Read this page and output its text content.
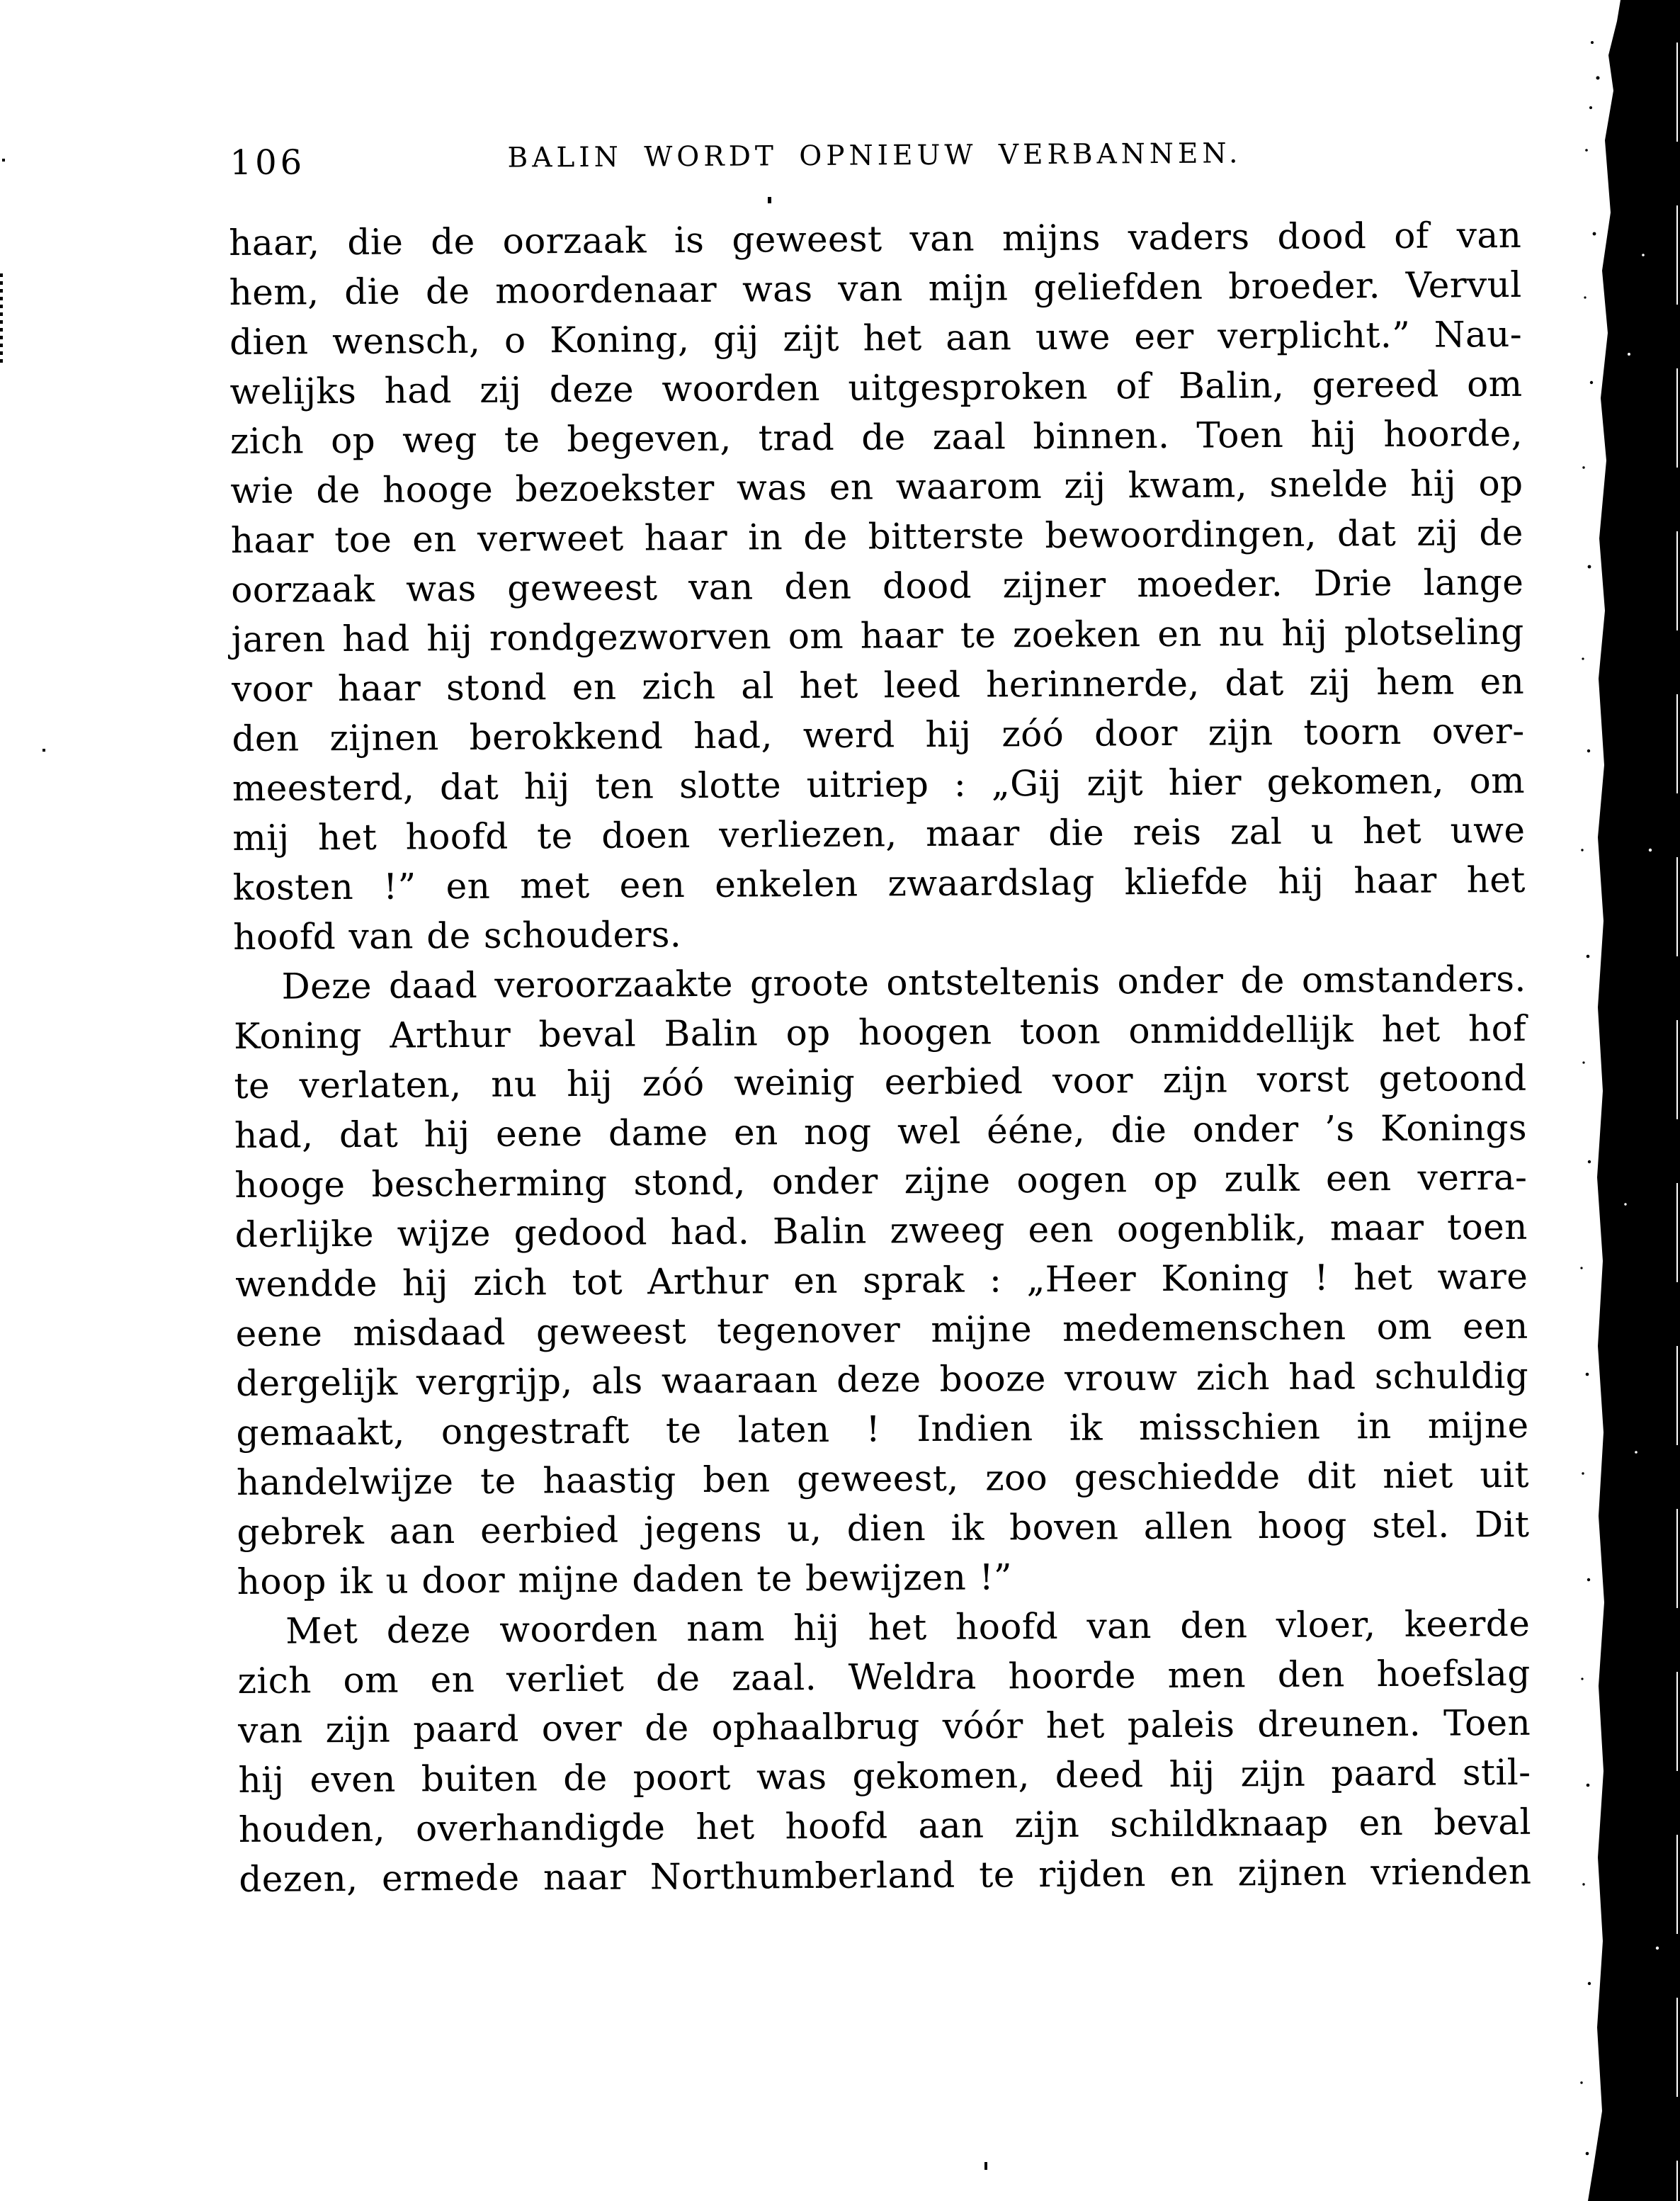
106	BALIN WORDT OPNIEUW VERBANNEN.
haar, die de oorzaak is geweest van mijns vaders dood of van
hem, die de moordenaar was van mijn geliefden broeder. Vervul
dien wensch, o Koning, gij zijt het aan uwe eer verplicht.” Nau-
welijks had zij deze woorden uitgesproken of Balin, gereed om
zich op weg te begeven, trad de zaal binnen. Toen hij hoorde,
wie de hooge bezoekster was en waarom zij kwam, snelde hij op
haar toe en verweet haar in de bitterste bewoordingen, dat zij de
oorzaak was geweest van den dood zijner moeder. Drie lange
jaren had hij rondgezworven om haar te zoeken en nu hij plotseling
voor haar stond en zich al het leed herinnerde, dat zij hem en
den zijnen berokkend had, werd hij zóó door zijn toorn over-
meesterd, dat hij ten slotte uitriep : „Gij zijt hier gekomen, om
mij het hoofd te doen verliezen, maar die reis zal u het uwe
kosten !” en met een enkelen zwaardslag kliefde hij haar het
hoofd van de schouders.
Deze daad veroorzaakte groote ontsteltenis onder de omstanders.
Koning Arthur beval Balin op hoogen toon onmiddellijk het hof
te verlaten, nu hij zóó weinig eerbied voor zijn vorst getoond
had, dat hij eene dame en nog wel ééne, die onder ’s Konings
hooge bescherming stond, onder zijne oogen op zulk een verra-
derlijke wijze gedood had. Balin zweeg een oogenblik, maar toen
wendde hij zich tot Arthur en sprak : „Heer Koning ! het ware
eene misdaad geweest tegenover mijne medemenschen om een
dergelijk vergrijp, als waaraan deze booze vrouw zich had schuldig
gemaakt, ongestraft te laten ! Indien ik misschien in mijne
handelwijze te haastig ben geweest, zoo geschiedde dit niet uit
gebrek aan eerbied jegens u, dien ik boven allen hoog stel. Dit
hoop ik u door mijne daden te bewijzen !”
Met deze woorden nam hij het hoofd van den vloer, keerde
zich om en verliet de zaal. Weldra hoorde men den hoefslag
van zijn paard over de ophaalbrug vóór het paleis dreunen. Toen
hij even buiten de poort was gekomen, deed hij zijn paard stil-
houden, overhandigde het hoofd aan zijn schildknaap en beval
dezen, ermede naar Northumberland te rijden en zijnen vrienden
